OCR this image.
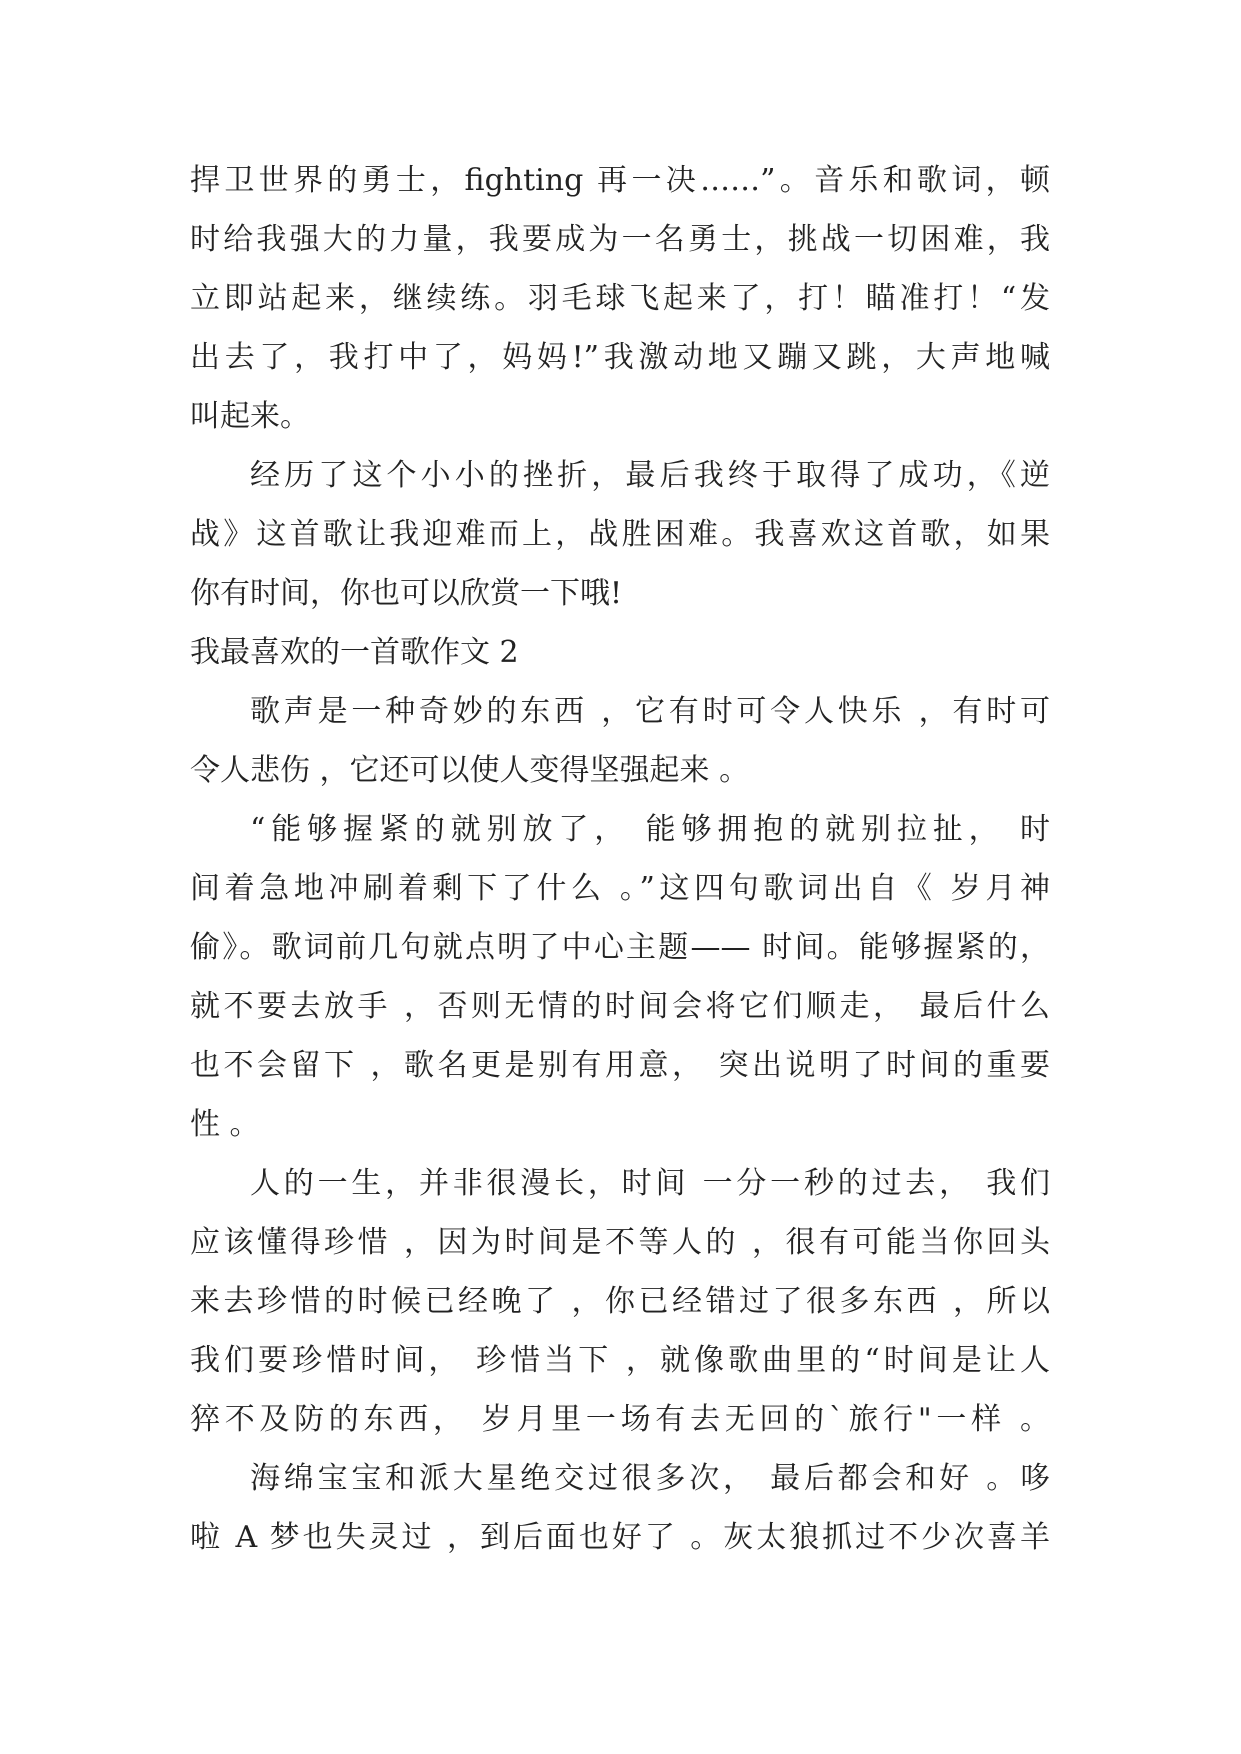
捍卫世界的勇士，fighting 再一决……”。音乐和歌词，顿
时给我强大的力量，我要成为一名勇士，挑战一切困难，我
立即站起来，继续练。羽毛球飞起来了，打！瞄准打！“发
出去了，我打中了，妈妈!”我激动地又蹦又跳，大声地喊
叫起来。
经历了这个小小的挫折，最后我终于取得了成功，《逆
战》这首歌让我迎难而上，战胜困难。我喜欢这首歌，如果
你有时间，你也可以欣赏一下哦!
我最喜欢的一首歌作文 2
歌声是一种奇妙的东西 ，它有时可令人快乐 ，有时可
令人悲伤 ，它还可以使人变得坚强起来 。
“能够握紧的就别放了， 能够拥抱的就别拉扯， 时
间着急地冲刷着剩下了什么 。”这四句歌词出自《 岁月神
偷》。歌词前几句就点明了中心主题—— 时间。能够握紧的，
就不要去放手 ，否则无情的时间会将它们顺走， 最后什么
也不会留下 ，歌名更是别有用意， 突出说明了时间的重要
性 。
人的一生，并非很漫长，时间 一分一秒的过去， 我们
应该懂得珍惜 ，因为时间是不等人的 ，很有可能当你回头
来去珍惜的时候已经晚了 ，你已经错过了很多东西 ，所以
我们要珍惜时间， 珍惜当下 ，就像歌曲里的“时间是让人
猝不及防的东西， 岁月里一场有去无回的`旅行"一样 。
海绵宝宝和派大星绝交过很多次， 最后都会和好 。哆
啦 A 梦也失灵过 ，到后面也好了 。灰太狼抓过不少次喜羊
